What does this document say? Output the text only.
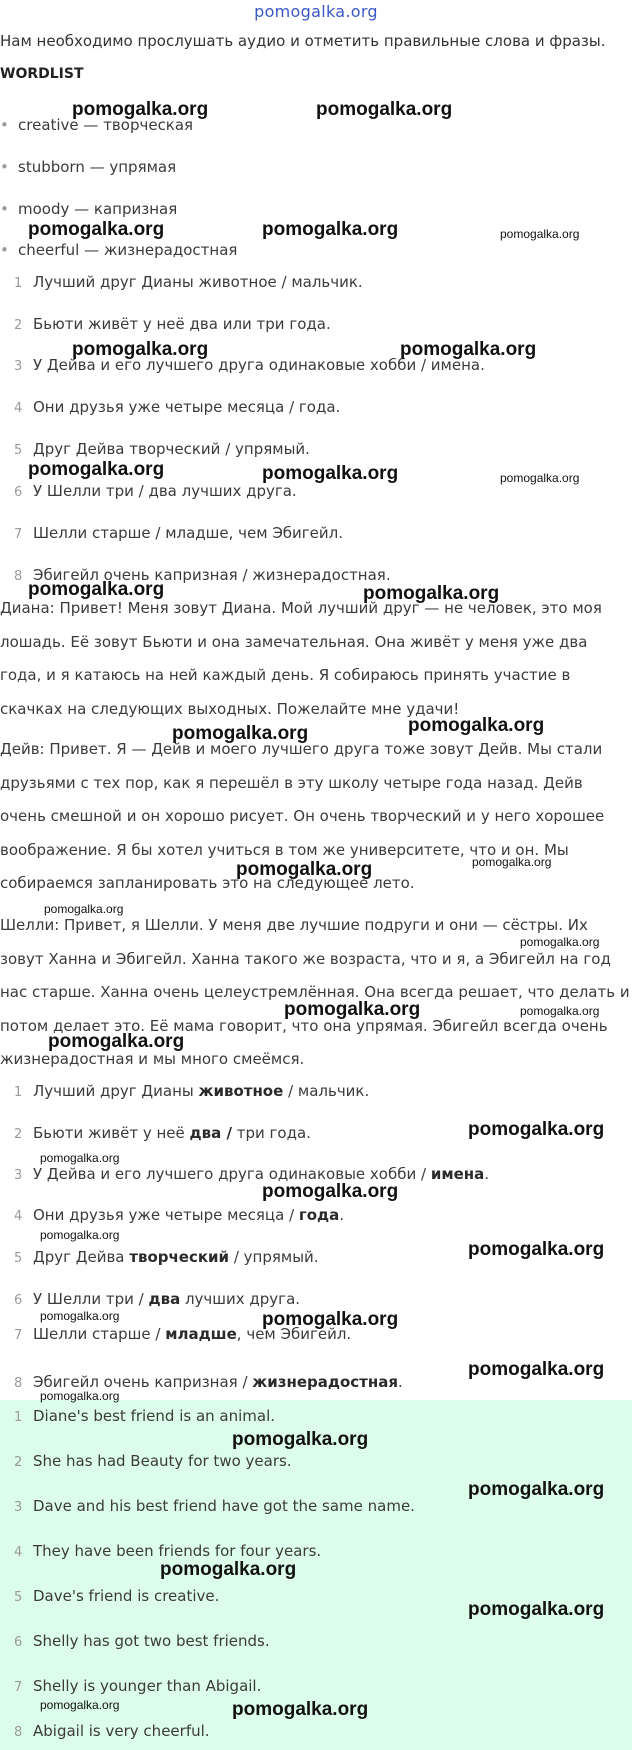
pomogalka.org
Нам необходимо прослушать аудио и отметить правильные слова и фразы.
WORDLIST
• creative — творческая
• stubborn — упрямая
• moody — капризная
• cheerful — жизнерадостная
1 Лучший друг Дианы животное / мальчик.
2 Бьюти живёт у неё два или три года.
3 У Дейва и его лучшего друга одинаковые хобби / имена.
4 Они друзья уже четыре месяца / года.
5 Друг Дейва творческий / упрямый.
6 У Шелли три / два лучших друга.
7 Шелли старше / младше, чем Эбигейл.
8 Эбигейл очень капризная / жизнерадостная.
Диана: Привет! Меня зовут Диана. Мой лучший друг — не человек, это моя лошадь. Её зовут Бьюти и она замечательная. Она живёт у меня уже два года, и я катаюсь на ней каждый день. Я собираюсь принять участие в скачках на следующих выходных. Пожелайте мне удачи!
Дейв: Привет. Я — Дейв и моего лучшего друга тоже зовут Дейв. Мы стали друзьями с тех пор, как я перешёл в эту школу четыре года назад. Дейв очень смешной и он хорошо рисует. Он очень творческий и у него хорошее воображение. Я бы хотел учиться в том же университете, что и он. Мы собираемся запланировать это на следующее лето.
Шелли: Привет, я Шелли. У меня две лучшие подруги и они — сёстры. Их зовут Ханна и Эбигейл. Ханна такого же возраста, что и я, а Эбигейл на год нас старше. Ханна очень целеустремлённая. Она всегда решает, что делать и потом делает это. Её мама говорит, что она упрямая. Эбигейл всегда очень жизнерадостная и мы много смеёмся.
1 Лучший друг Дианы животное / мальчик.
2 Бьюти живёт у неё два / три года.
3 У Дейва и его лучшего друга одинаковые хобби / имена.
4 Они друзья уже четыре месяца / года.
5 Друг Дейва творческий / упрямый.
6 У Шелли три / два лучших друга.
7 Шелли старше / младше, чем Эбигейл.
8 Эбигейл очень капризная / жизнерадостная.
1 Diane's best friend is an animal.
2 She has had Beauty for two years.
3 Dave and his best friend have got the same name.
4 They have been friends for four years.
5 Dave's friend is creative.
6 Shelly has got two best friends.
7 Shelly is younger than Abigail.
8 Abigail is very cheerful.
pomogalka.org	pomogalka.org
pomogalka.org	pomogalka.org	pomogalka.org
pomogalka.org	pomogalka.org
pomogalka.org	pomogalka.org	pomogalka.org
pomogalka.org	pomogalka.org
pomogalka.org
pomogalka.org
pomogalka.org	pomogalka.org
pomogalka.org
pomogalka.org
pomogalka.org	pomogalka.org
pomogalka.org
pomogalka.org
pomogalka.org
pomogalka.org
pomogalka.org
pomogalka.org
pomogalka.org	pomogalka.org
pomogalka.org
pomogalka.org
pomogalka.org
pomogalka.org
pomogalka.org
pomogalka.org
pomogalka.org	pomogalka.org
